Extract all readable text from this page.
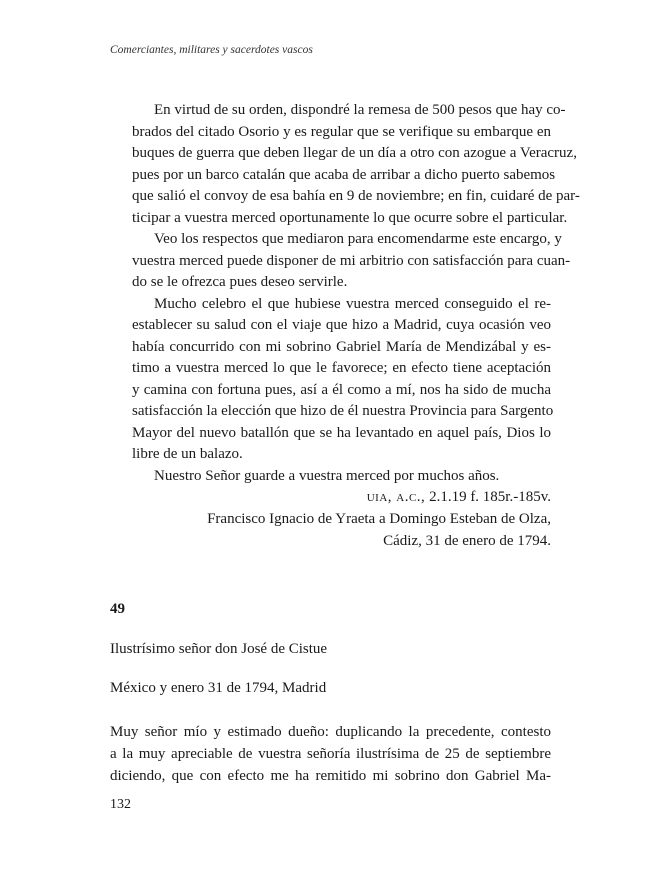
Comerciantes, militares y sacerdotes vascos

En virtud de su orden, dispondré la remesa de 500 pesos que hay co-
brados del citado Osorio y es regular que se verifique su embarque en
buques de guerra que deben llegar de un día a otro con azogue a Veracruz,
pues por un barco catalán que acaba de arribar a dicho puerto sabemos
que salió el convoy de esa bahía en 9 de noviembre; en fin, cuidaré de par-
ticipar a vuestra merced oportunamente lo que ocurre sobre el particular.

Veo los respectos que mediaron para encomendarme este encargo, y
vuestra merced puede disponer de mi arbitrio con satisfacción para cuan-
do se le ofrezca pues deseo servirle.

Mucho celebro el que hubiese vuestra merced conseguido el re-
establecer su salud con el viaje que hizo a Madrid, cuya ocasión veo
había concurrido con mi sobrino Gabriel María de Mendizábal y es-
timo a vuestra merced lo que le favorece; en efecto tiene aceptación
y camina con fortuna pues, así a él como a mí, nos ha sido de mucha
satisfacción la elección que hizo de él nuestra Provincia para Sargento
Mayor del nuevo batallón que se ha levantado en aquel país, Dios lo
libre de un balazo.

Nuestro Señor guarde a vuestra merced por muchos años.

uia, a.c., 2.1.19 f. 185r.-185v.
Francisco Ignacio de Yraeta a Domingo Esteban de Olza,
Cádiz, 31 de enero de 1794.
49
Ilustrísimo señor don José de Cistue
México y enero 31 de 1794, Madrid
Muy señor mío y estimado dueño: duplicando la precedente, contesto
a la muy apreciable de vuestra señoría ilustrísima de 25 de septiembre
diciendo, que con efecto me ha remitido mi sobrino don Gabriel Ma-
132
